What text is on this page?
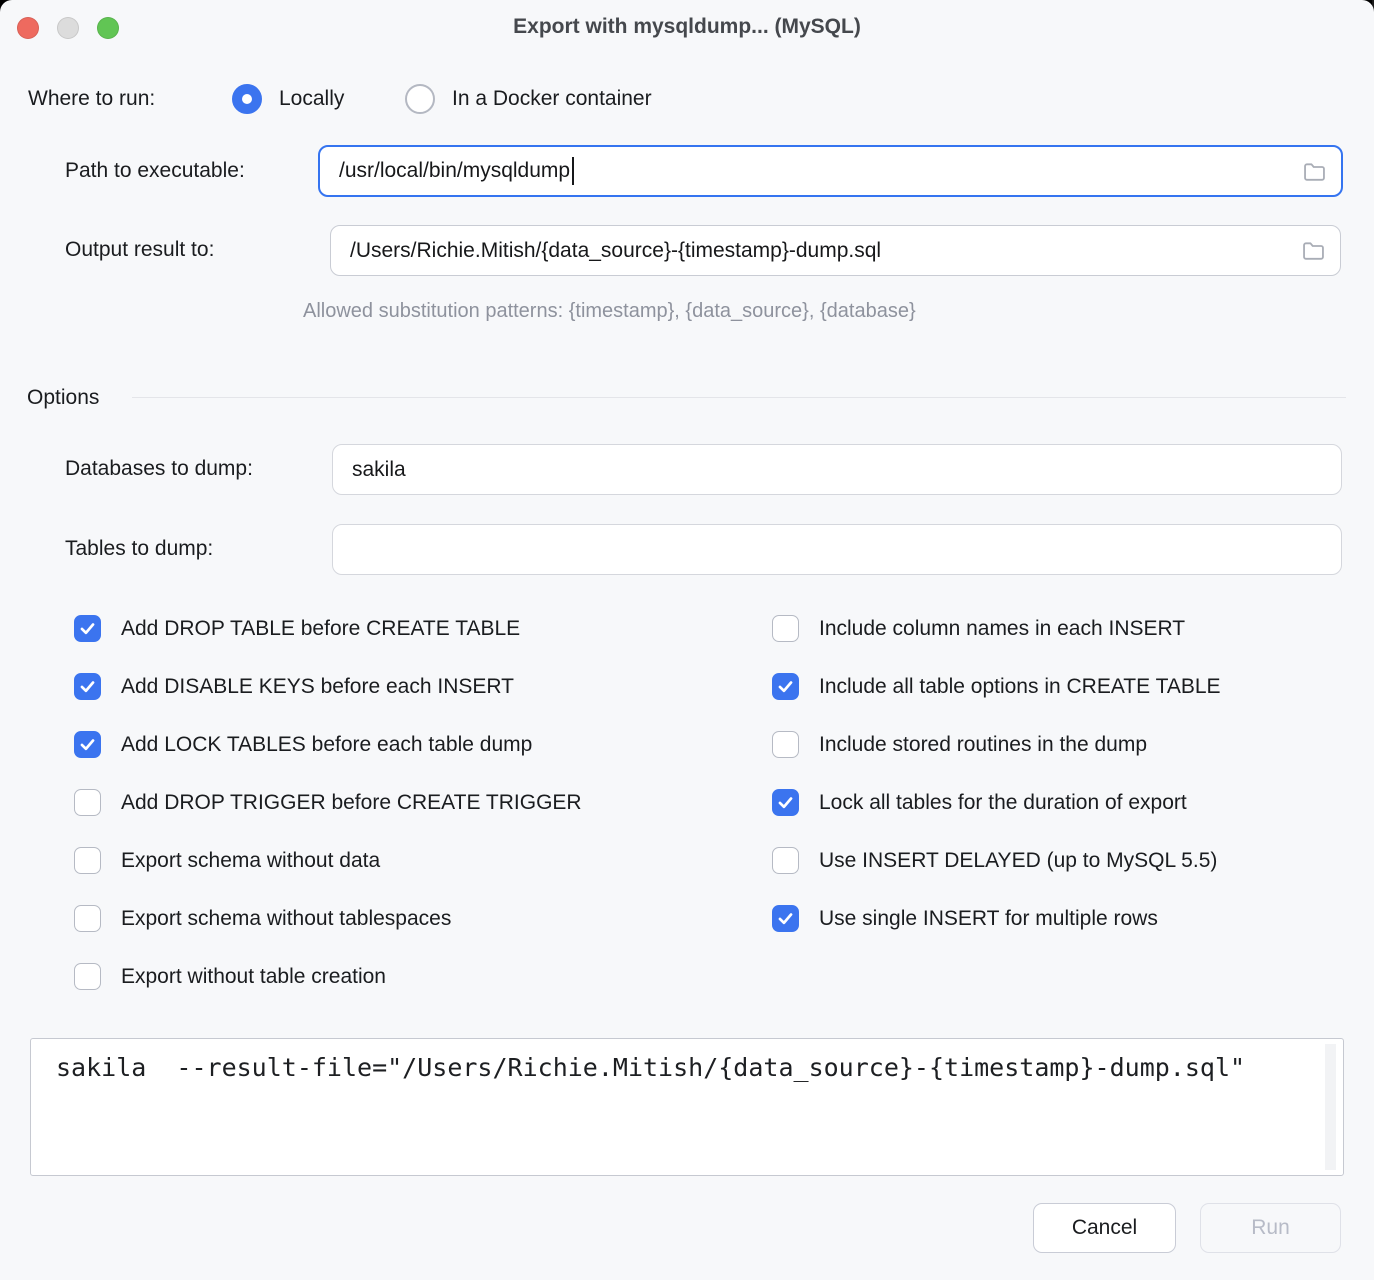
Export with mysqldump... (MySQL)
Where to run:	Locally	In a Docker container
Path to executable:	/usr/local/bin/mysqldump
Output result to:	/Users/Richie.Mitish/{data_source}-{timestamp}-dump.sql
Allowed substitution patterns: {timestamp}, {data_source}, {database}
Options
Databases to dump:
sakila
Tables to dump:
Add DROP TABLE before CREATE TABLE
Add DISABLE KEYS before each INSERT
Add LOCK TABLES before each table dump
Add DROP TRIGGER before CREATE TRIGGER
Export schema without data
Export schema without tablespaces
Export without table creation
Include column names in each INSERT
Include all table options in CREATE TABLE
Include stored routines in the dump
Lock all tables for the duration of export
Use INSERT DELAYED (up to MySQL 5.5)
Use single INSERT for multiple rows
sakila  --result-file="/Users/Richie.Mitish/{data_source}-{timestamp}-dump.sql"
Cancel	Run
